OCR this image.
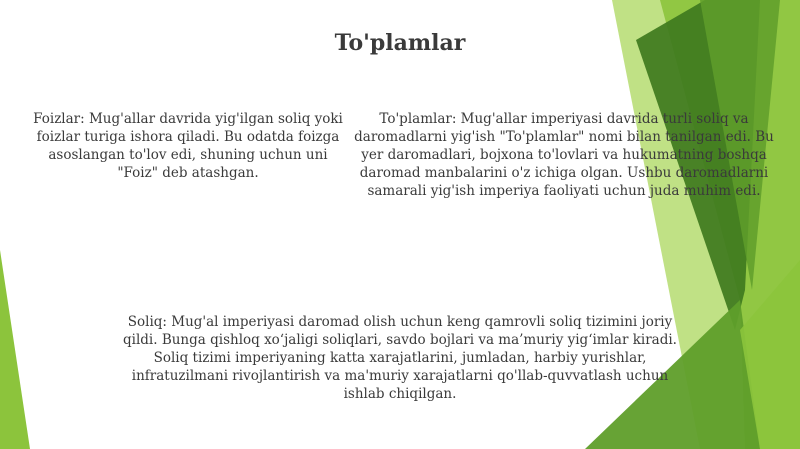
To'plamlar
Foizlar: Mug'allar davrida yig'ilgan soliq yoki foizlar turiga ishora qiladi. Bu odatda foizga asoslangan to'lov edi, shuning uchun uni "Foiz" deb atashgan.
To'plamlar: Mug'allar imperiyasi davrida turli soliq va daromadlarni yig'ish "To'plamlar" nomi bilan tanilgan edi. Bu yer daromadlari, bojxona to'lovlari va hukumatning boshqa daromad manbalarini o'z ichiga olgan. Ushbu daromadlarni samarali yig'ish imperiya faoliyati uchun juda muhim edi.
Soliq: Mug'al imperiyasi daromad olish uchun keng qamrovli soliq tizimini joriy qildi. Bunga qishloq xo‘jaligi soliqlari, savdo bojlari va ma’muriy yig‘imlar kiradi. Soliq tizimi imperiyaning katta xarajatlarini, jumladan, harbiy yurishlar, infratuzilmani rivojlantirish va ma'muriy xarajatlarni qo'llab-quvvatlash uchun ishlab chiqilgan.
